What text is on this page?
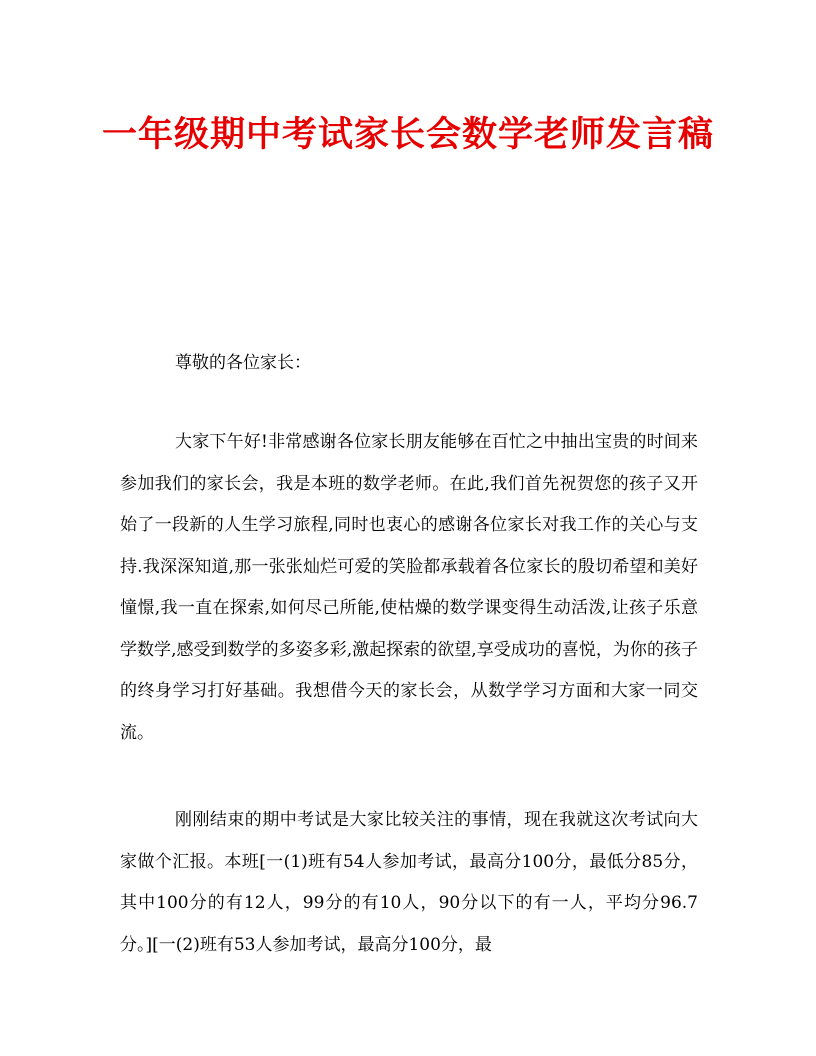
一年级期中考试家长会数学老师发言稿

尊敬的各位家长：

大家下午好!非常感谢各位家长朋友能够在百忙之中抽出宝贵的时间来参加我们的家长会，我是本班的数学老师。在此,我们首先祝贺您的孩子又开始了一段新的人生学习旅程,同时也衷心的感谢各位家长对我工作的关心与支持.我深深知道,那一张张灿烂可爱的笑脸都承载着各位家长的殷切希望和美好憧憬,我一直在探索,如何尽己所能,使枯燥的数学课变得生动活泼,让孩子乐意学数学,感受到数学的多姿多彩,激起探索的欲望,享受成功的喜悦，为你的孩子的终身学习打好基础。我想借今天的家长会，从数学学习方面和大家一同交流。

刚刚结束的期中考试是大家比较关注的事情，现在我就这次考试向大家做个汇报。本班[一(1)班有54人参加考试，最高分100分，最低分85分，其中100分的有12人，99分的有10人，90分以下的有一人，平均分96.7分。][一(2)班有53人参加考试，最高分100分，最
